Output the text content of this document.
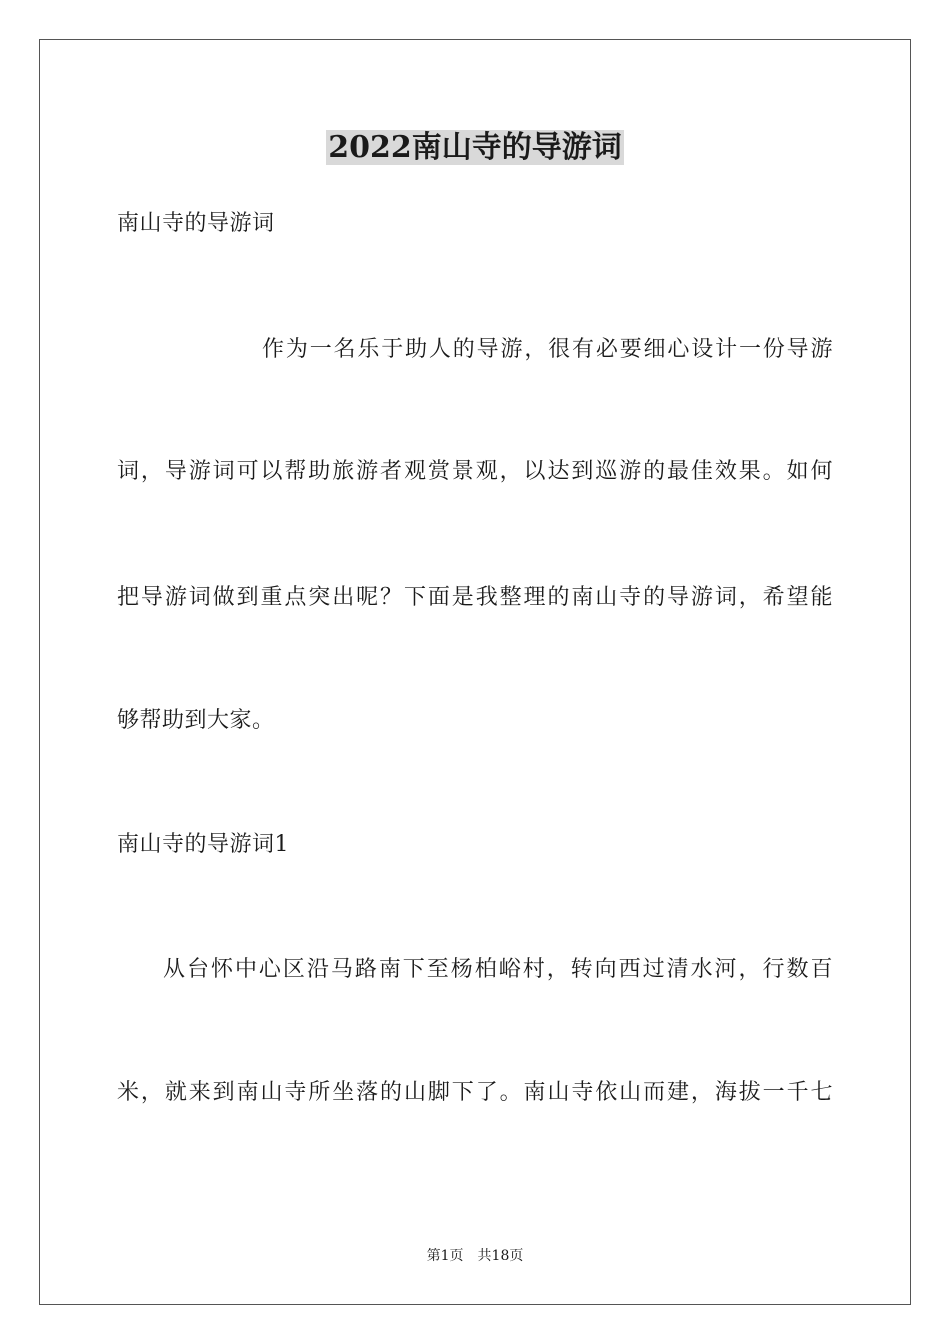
2022南山寺的导游词
南山寺的导游词
作为一名乐于助人的导游，很有必要细心设计一份导游
词，导游词可以帮助旅游者观赏景观，以达到巡游的最佳效果。如何
把导游词做到重点突出呢？下面是我整理的南山寺的导游词，希望能
够帮助到大家。
南山寺的导游词1
从台怀中心区沿马路南下至杨柏峪村，转向西过清水河，行数百
米，就来到南山寺所坐落的山脚下了。南山寺依山而建，海拔一千七
第1页　共18页
